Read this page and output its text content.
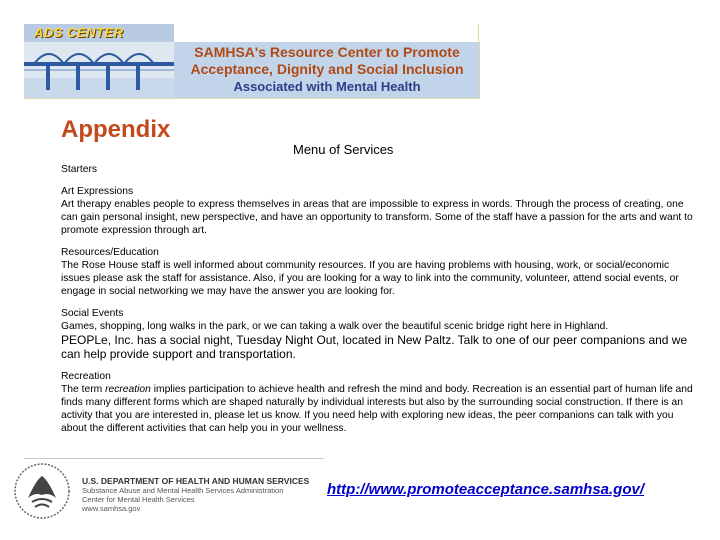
ADS CENTER
SAMHSA's Resource Center to Promote
Acceptance, Dignity and Social Inclusion
Associated with Mental Health
Appendix
Menu of Services
Starters
Art Expressions
Art therapy enables people to express themselves in areas that are impossible to express in words. Through the process of creating, one can gain personal insight, new perspective, and have an opportunity to transform. Some of the staff have a passion for the arts and want to promote expression through art.
Resources/Education
The Rose House staff is well informed about community resources. If you are having problems with housing, work, or social/economic issues please ask the staff for assistance. Also, if you are looking for a way to link into the community, volunteer, attend social events, or engage in social networking we may have the answer you are looking for.
Social Events
Games, shopping, long walks in the park, or we can taking a walk over the beautiful scenic bridge right here in Highland.
PEOPLe, Inc. has a social night, Tuesday Night Out, located in New Paltz. Talk to one of our peer companions and we can help provide support and transportation.
Recreation
The term recreation implies participation to achieve health and refresh the mind and body. Recreation is an essential part of human life and finds many different forms which are shaped naturally by individual interests but also by the surrounding social construction. If there is an activity that you are interested in, please let us know. If you need help with exploring new ideas, the peer companions can talk with you about the different activities that can help you in your wellness.
U.S. DEPARTMENT OF HEALTH AND HUMAN SERVICES
Substance Abuse and Mental Health Services Administration
Center for Mental Health Services
www.samhsa.gov
http://www.promoteacceptance.samhsa.gov/
